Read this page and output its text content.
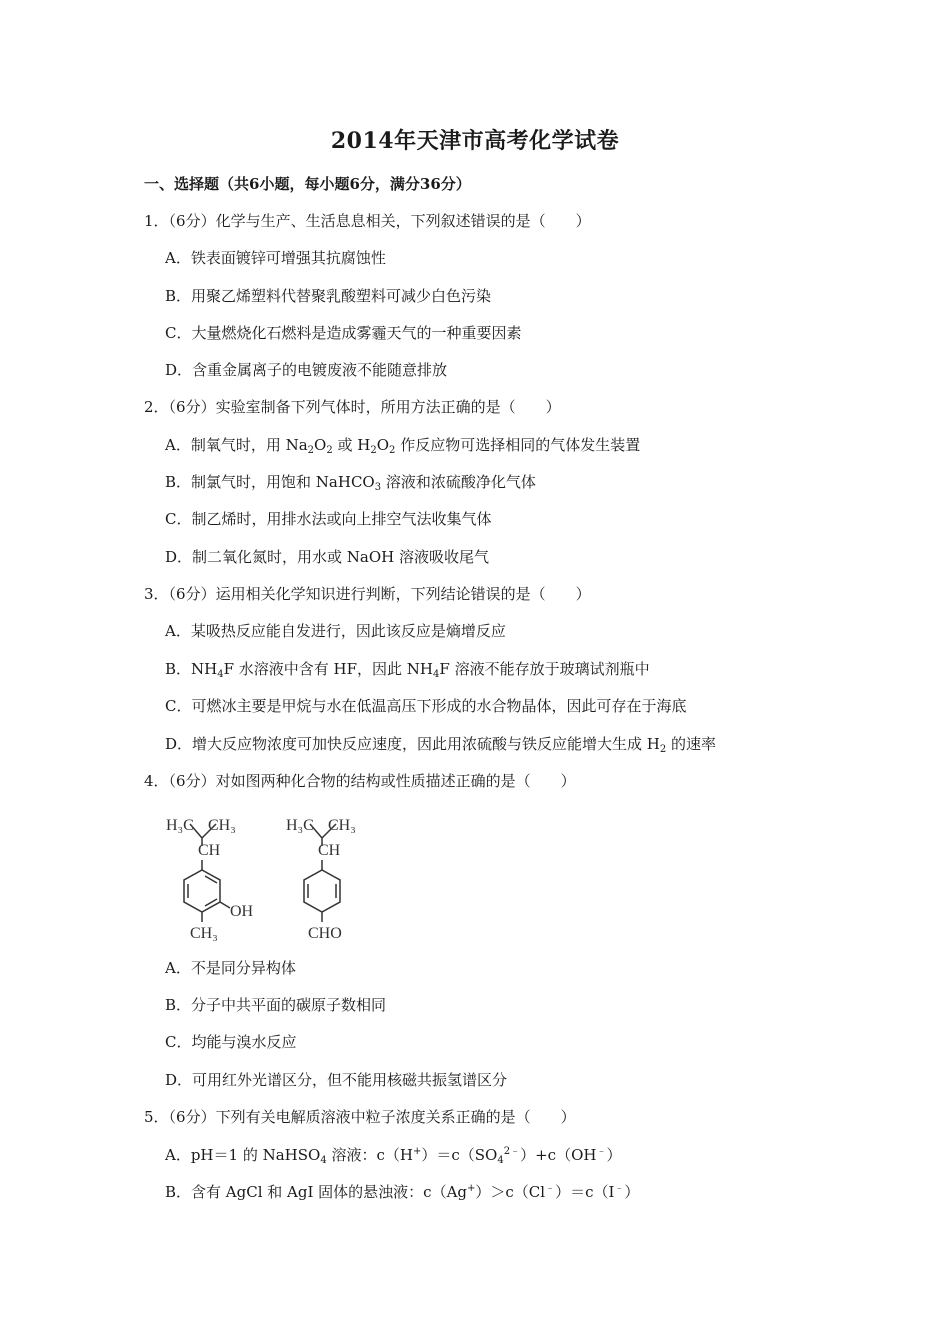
2014年天津市高考化学试卷
一、选择题（共6小题，每小题6分，满分36分）
1．（6分）化学与生产、生活息息相关，下列叙述错误的是（　　）
A．铁表面镀锌可增强其抗腐蚀性
B．用聚乙烯塑料代替聚乳酸塑料可减少白色污染
C．大量燃烧化石燃料是造成雾霾天气的一种重要因素
D．含重金属离子的电镀废液不能随意排放
2．（6分）实验室制备下列气体时，所用方法正确的是（　　）
A．制氧气时，用 $Na_2O_2$ 或 $H_2O_2$ 作反应物可选择相同的气体发生装置
B．制氯气时，用饱和 NaHCO$_3$ 溶液和浓硫酸净化气体
C．制乙烯时，用排水法或向上排空气法收集气体
D．制二氧化氮时，用水或 NaOH 溶液吸收尾气
3．（6分）运用相关化学知识进行判断，下列结论错误的是（　　）
A．某吸热反应能自发进行，因此该反应是熵增反应
B．$NH_4F$ 水溶液中含有 HF，因此 $NH_4F$ 溶液不能存放于玻璃试剂瓶中
C．可燃冰主要是甲烷与水在低温高压下形成的水合物晶体，因此可存在于海底
D．增大反应物浓度可加快反应速度，因此用浓硫酸与铁反应能增大生成 $H_2$ 的速率
4．（6分）对如图两种化合物的结构或性质描述正确的是（　　）
H₃C CH₃
CH
OH
CH₃
H₃C CH₃
CH
CHO
A．不是同分异构体
B．分子中共平面的碳原子数相同
C．均能与溴水反应
D．可用红外光谱区分，但不能用核磁共振氢谱区分
5．（6分）下列有关电解质溶液中粒子浓度关系正确的是（　　）
A．pH＝1 的 NaHSO$_4$ 溶液：$c(H^+)=c(SO_4^{2﹣})+c(OH^﹣)$
B．含有 AgCl 和 AgI 固体的悬浊液：c（Ag+）＞c（Cl﹣）＝c（I﹣）
